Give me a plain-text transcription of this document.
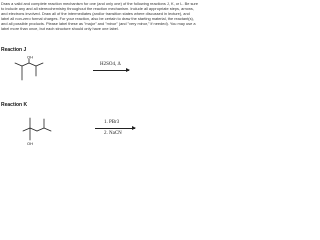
Draw a valid and complete reaction mechanism for one (and only one) of the following reactions J, K, or L. Be sure to include any and all stereochemistry throughout the reaction mechanism. Include all appropriate steps, arrows, and electrons involved. Draw all of the intermediates (and/or transition states where discussed in lecture), and label all non-zero formal charges. For your reaction, also be certain to draw the starting material, the reactant(s), and all possible products. Please label these as "major" and "minor" (and "very minor," if needed). You may use a label more than once, but each structure should only have one label.

Reaction J

OH
H2SO4, Δ

Reaction K

OH
1. PBr3
2. NaCN
